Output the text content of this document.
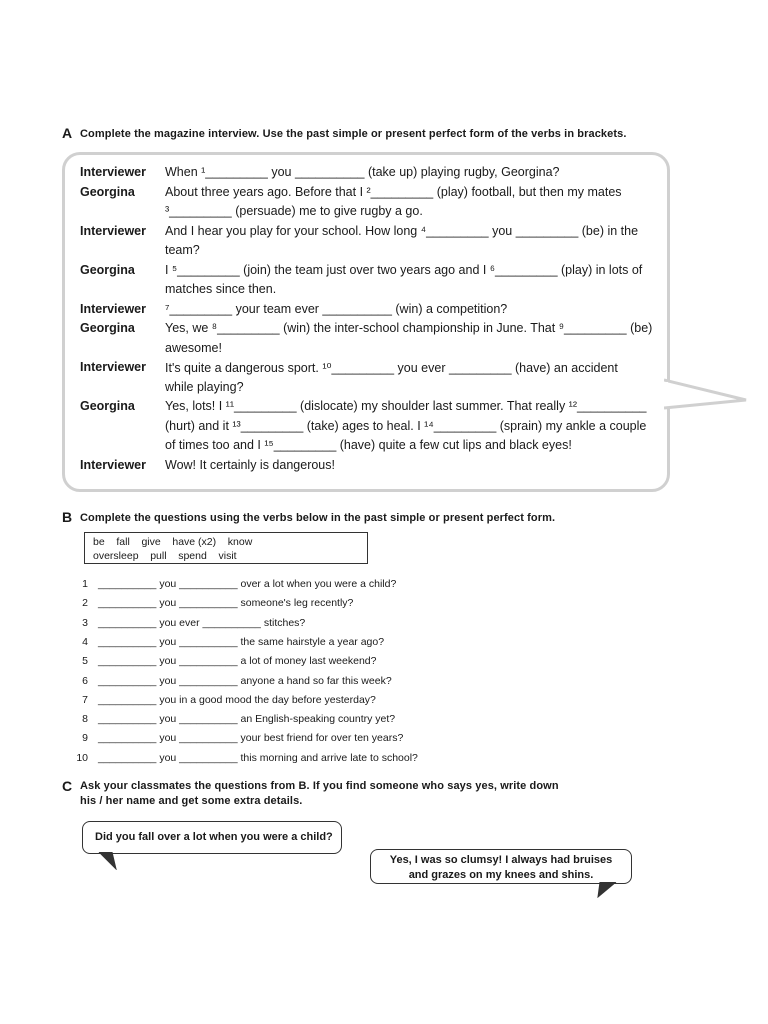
A Complete the magazine interview. Use the past simple or present perfect form of the verbs in brackets.
Interviewer	When ¹_________ you __________ (take up) playing rugby, Georgina?
Georgina	About three years ago. Before that I ²_________ (play) football, but then my mates
³_________ (persuade) me to give rugby a go.
Interviewer	And I hear you play for your school. How long ⁴_________ you _________ (be) in the
team?
Georgina	I ⁵_________ (join) the team just over two years ago and I ⁶_________ (play) in lots of
matches since then.
Interviewer	⁷_________ your team ever __________ (win) a competition?
Georgina	Yes, we ⁸_________ (win) the inter-school championship in June. That ⁹_________ (be)
awesome!
Interviewer	It's quite a dangerous sport. ¹⁰_________ you ever _________ (have) an accident
while playing?
Georgina	Yes, lots! I ¹¹_________ (dislocate) my shoulder last summer. That really ¹²__________
(hurt) and it ¹³_________ (take) ages to heal. I ¹⁴_________ (sprain) my ankle a couple
of times too and I ¹⁵_________ (have) quite a few cut lips and black eyes!
Interviewer	Wow! It certainly is dangerous!
B Complete the questions using the verbs below in the past simple or present perfect form.
be    fall    give    have (x2)    know
oversleep    pull    spend    visit
1 __________ you __________ over a lot when you were a child?
2 __________ you __________ someone's leg recently?
3 __________ you ever __________ stitches?
4 __________ you __________ the same hairstyle a year ago?
5 __________ you __________ a lot of money last weekend?
6 __________ you __________ anyone a hand so far this week?
7 __________ you in a good mood the day before yesterday?
8 __________ you __________ an English-speaking country yet?
9 __________ you __________ your best friend for over ten years?
10 __________ you __________ this morning and arrive late to school?
C Ask your classmates the questions from B. If you find someone who says yes, write down
his / her name and get some extra details.
Did you fall over a lot when you were a child?
Yes, I was so clumsy! I always had bruises
and grazes on my knees and shins.
